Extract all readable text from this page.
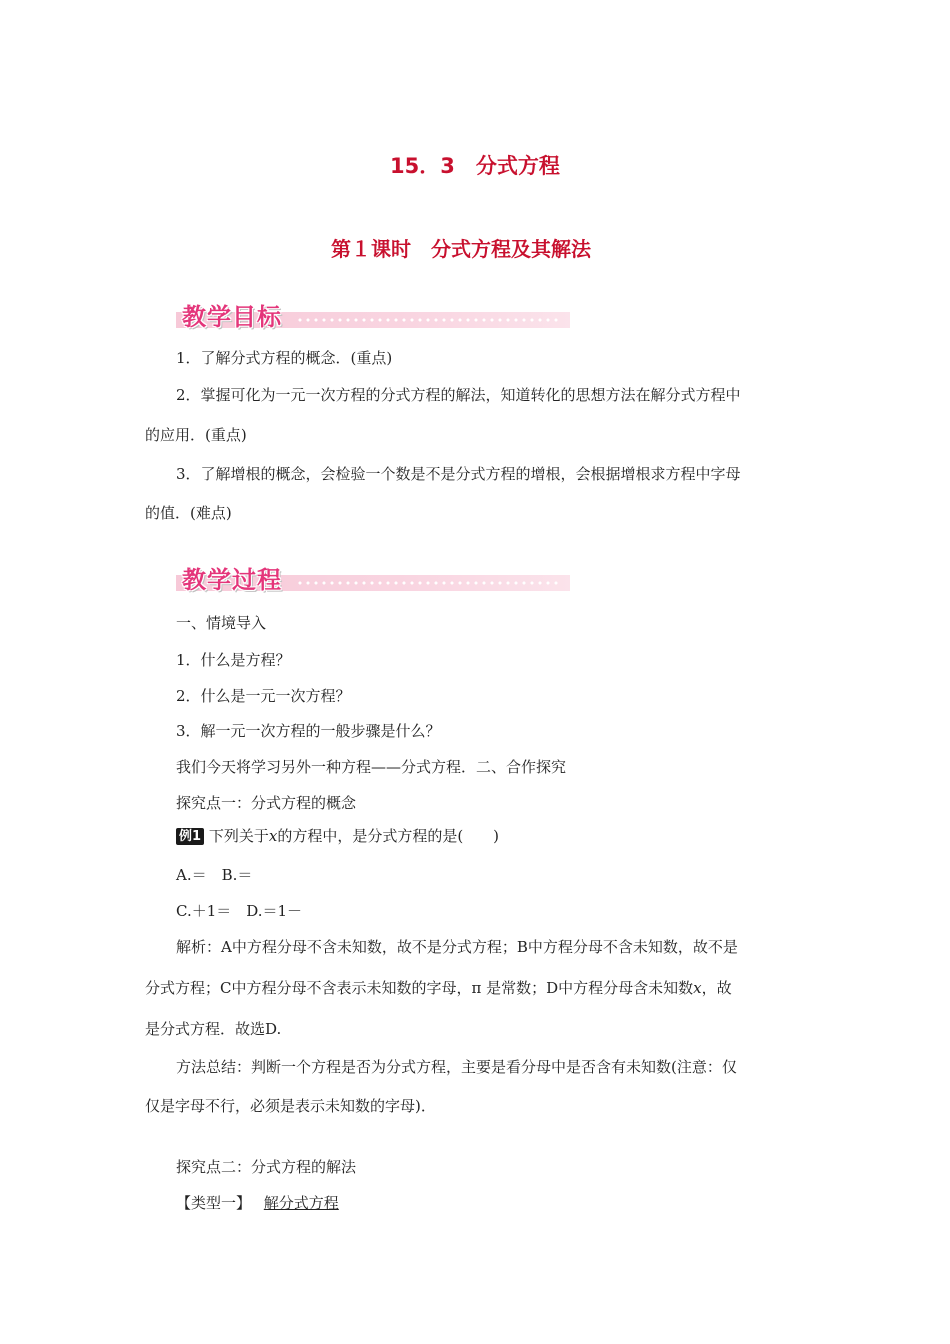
15．3　分式方程
第１课时　分式方程及其解法
教学目标
1．了解分式方程的概念．(重点)
2．掌握可化为一元一次方程的分式方程的解法，知道转化的思想方法在解分式方程中
的应用．(重点)
3．了解增根的概念，会检验一个数是不是分式方程的增根，会根据增根求方程中字母
的值．(难点)
教学过程
一、情境导入
1．什么是方程？
2．什么是一元一次方程？
3．解一元一次方程的一般步骤是什么？
我们今天将学习另外一种方程——分式方程．二、合作探究
探究点一：分式方程的概念
例1 下列关于x的方程中，是分式方程的是(　　)
A.＝　B.＝
C.＋1＝　D.＝1－
解析：A中方程分母不含未知数，故不是分式方程；B中方程分母不含未知数，故不是
分式方程；C中方程分母不含表示未知数的字母，π 是常数；D中方程分母含未知数x，故
是分式方程．故选D.
方法总结：判断一个方程是否为分式方程，主要是看分母中是否含有未知数(注意：仅
仅是字母不行，必须是表示未知数的字母)．
探究点二：分式方程的解法
【类型一】 解分式方程
